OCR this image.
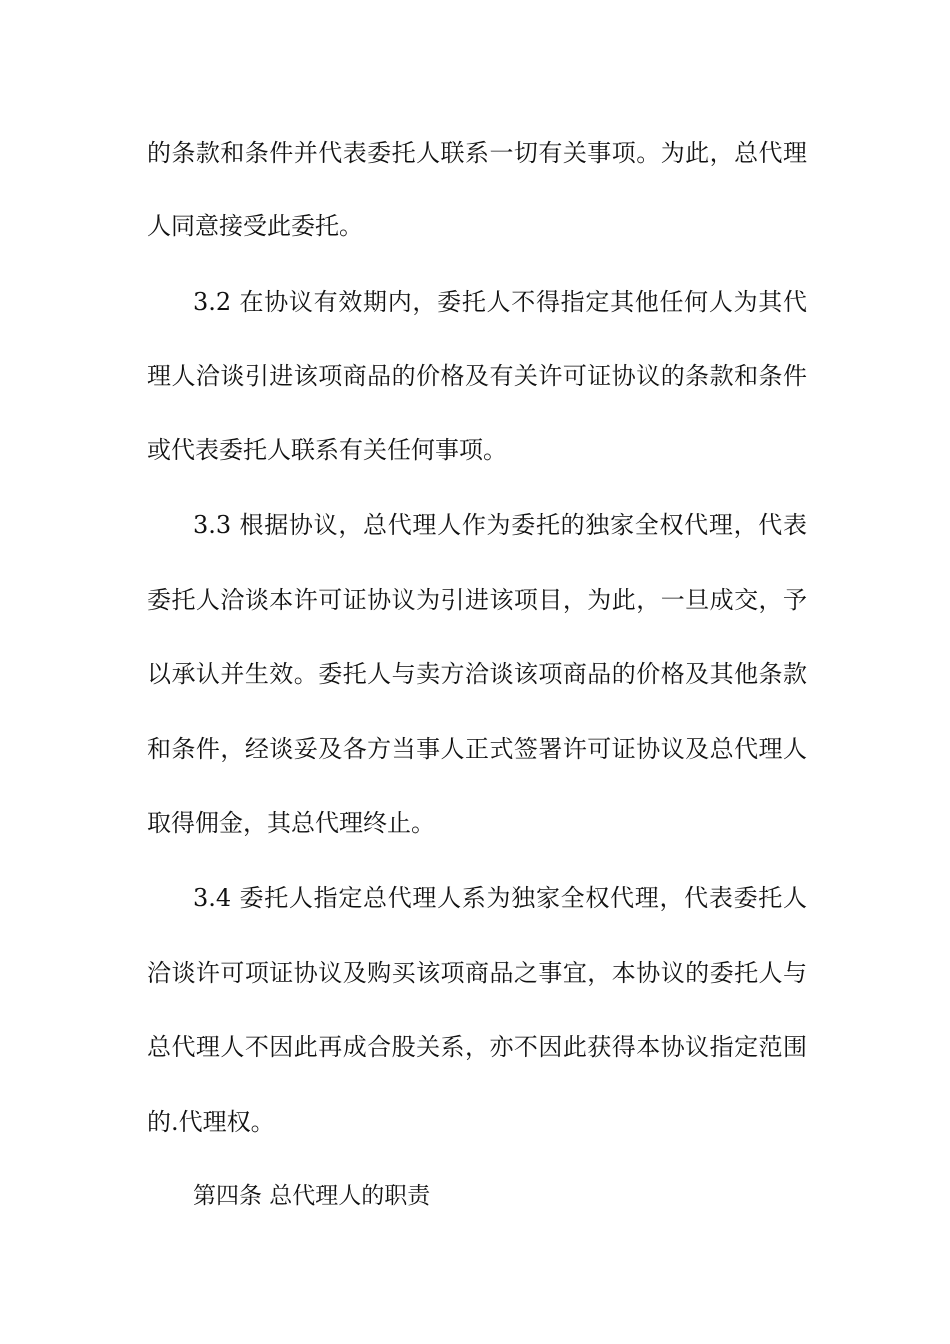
的条款和条件并代表委托人联系一切有关事项。为此，总代理
人同意接受此委托。
3.2 在协议有效期内，委托人不得指定其他任何人为其代
理人洽谈引进该项商品的价格及有关许可证协议的条款和条件
或代表委托人联系有关任何事项。
3.3 根据协议，总代理人作为委托的独家全权代理，代表
委托人洽谈本许可证协议为引进该项目，为此，一旦成交，予
以承认并生效。委托人与卖方洽谈该项商品的价格及其他条款
和条件，经谈妥及各方当事人正式签署许可证协议及总代理人
取得佣金，其总代理终止。
3.4 委托人指定总代理人系为独家全权代理，代表委托人
洽谈许可项证协议及购买该项商品之事宜，本协议的委托人与
总代理人不因此再成合股关系，亦不因此获得本协议指定范围
的.代理权。
第四条 总代理人的职责
